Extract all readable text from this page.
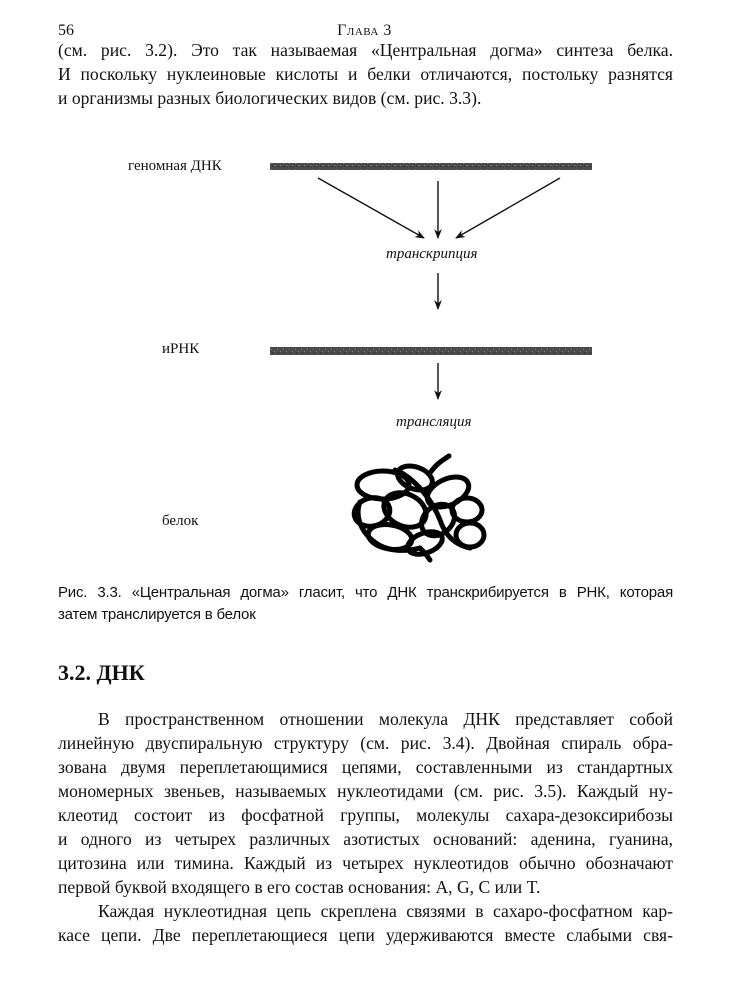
56	Глава 3
(см. рис. 3.2). Это так называемая «Центральная догма» синтеза белка.
И поскольку нуклеиновые кислоты и белки отличаются, постольку разнятся
и организмы разных биологических видов (см. рис. 3.3).
геномная ДНК
транскрипция
иРНК
трансляция
белок
Рис. 3.3. «Центральная догма» гласит, что ДНК транскрибируется в РНК, которая
затем транслируется в белок
3.2. ДНК
В пространственном отношении молекула ДНК представляет собой
линейную двуспиральную структуру (см. рис. 3.4). Двойная спираль обра-
зована двумя переплетающимися цепями, составленными из стандартных
мономерных звеньев, называемых нуклеотидами (см. рис. 3.5). Каждый ну-
клеотид состоит из фосфатной группы, молекулы сахара-дезоксирибозы
и одного из четырех различных азотистых оснований: аденина, гуанина,
цитозина или тимина. Каждый из четырех нуклеотидов обычно обозначают
первой буквой входящего в его состав основания: A, G, C или T.
Каждая нуклеотидная цепь скреплена связями в сахаро-фосфатном кар-
касе цепи. Две переплетающиеся цепи удерживаются вместе слабыми свя-
